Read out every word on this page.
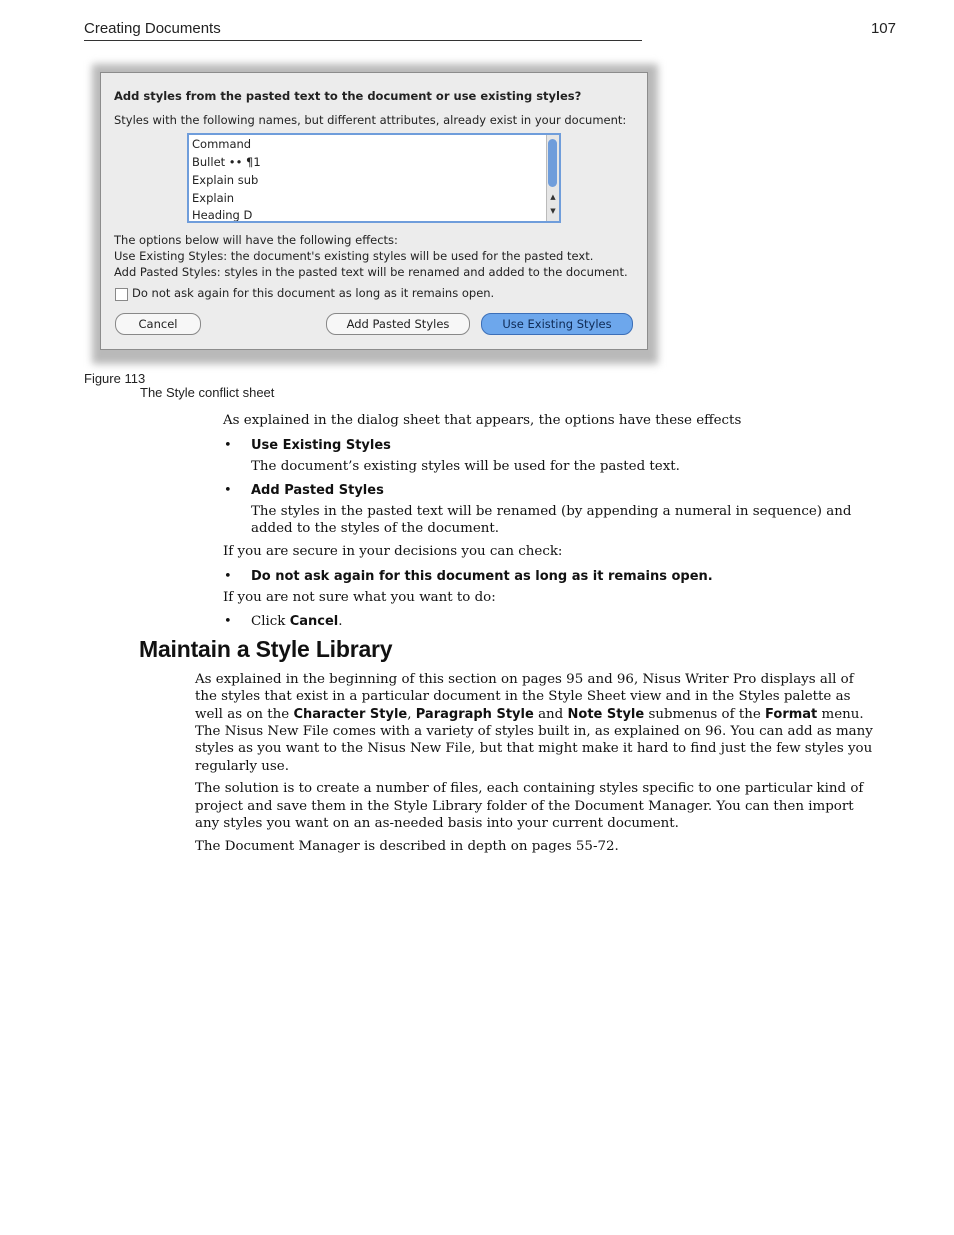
Creating Documents	107
Add styles from the pasted text to the document or use existing styles?
Styles with the following names, but different attributes, already exist in your document:
Command
Bullet •• ¶1
Explain sub
Explain
Heading D
▲
▼
The options below will have the following effects:
Use Existing Styles: the document's existing styles will be used for the pasted text.
Add Pasted Styles: styles in the pasted text will be renamed and added to the document.
Do not ask again for this document as long as it remains open.
Cancel	Add Pasted Styles	Use Existing Styles
Figure 113
The Style conflict sheet
As explained in the dialog sheet that appears, the options have these effects
• Use Existing Styles
The document’s existing styles will be used for the pasted text.
• Add Pasted Styles
The styles in the pasted text will be renamed (by appending a numeral in sequence) and
added to the styles of the document.
If you are secure in your decisions you can check:
• Do not ask again for this document as long as it remains open.
If you are not sure what you want to do:
• Click Cancel.
Maintain a Style Library
As explained in the beginning of this section on pages 95 and 96, Nisus Writer Pro displays all of
the styles that exist in a particular document in the Style Sheet view and in the Styles palette as
well as on the Character Style, Paragraph Style and Note Style submenus of the Format menu.
The Nisus New File comes with a variety of styles built in, as explained on 96. You can add as many
styles as you want to the Nisus New File, but that might make it hard to find just the few styles you
regularly use.
The solution is to create a number of files, each containing styles specific to one particular kind of
project and save them in the Style Library folder of the Document Manager. You can then import
any styles you want on an as-needed basis into your current document.
The Document Manager is described in depth on pages 55-72.
